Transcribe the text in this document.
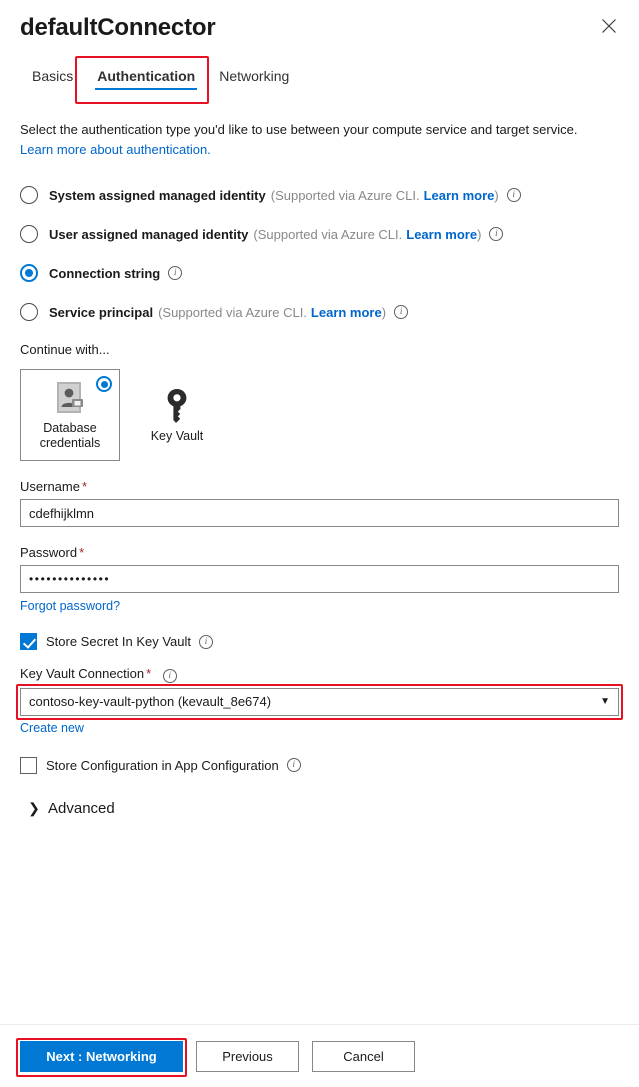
defaultConnector
Basics	Authentication	Networking
Select the authentication type you'd like to use between your compute service and target service. Learn more about authentication.
System assigned managed identity (Supported via Azure CLI. Learn more ) i
User assigned managed identity (Supported via Azure CLI. Learn more ) i
Connection string i
Service principal (Supported via Azure CLI. Learn more ) i
Continue with...
Database
credentials
Key Vault
Username *
cdefhijklmn
Password *
••••••••••••••
Forgot password?
Store Secret In Key Vault i
Key Vault Connection * i
contoso-key-vault-python (kevault_8e674)	▼
Create new
Store Configuration in App Configuration i
❯ Advanced
Next : Networking	Previous	Cancel
